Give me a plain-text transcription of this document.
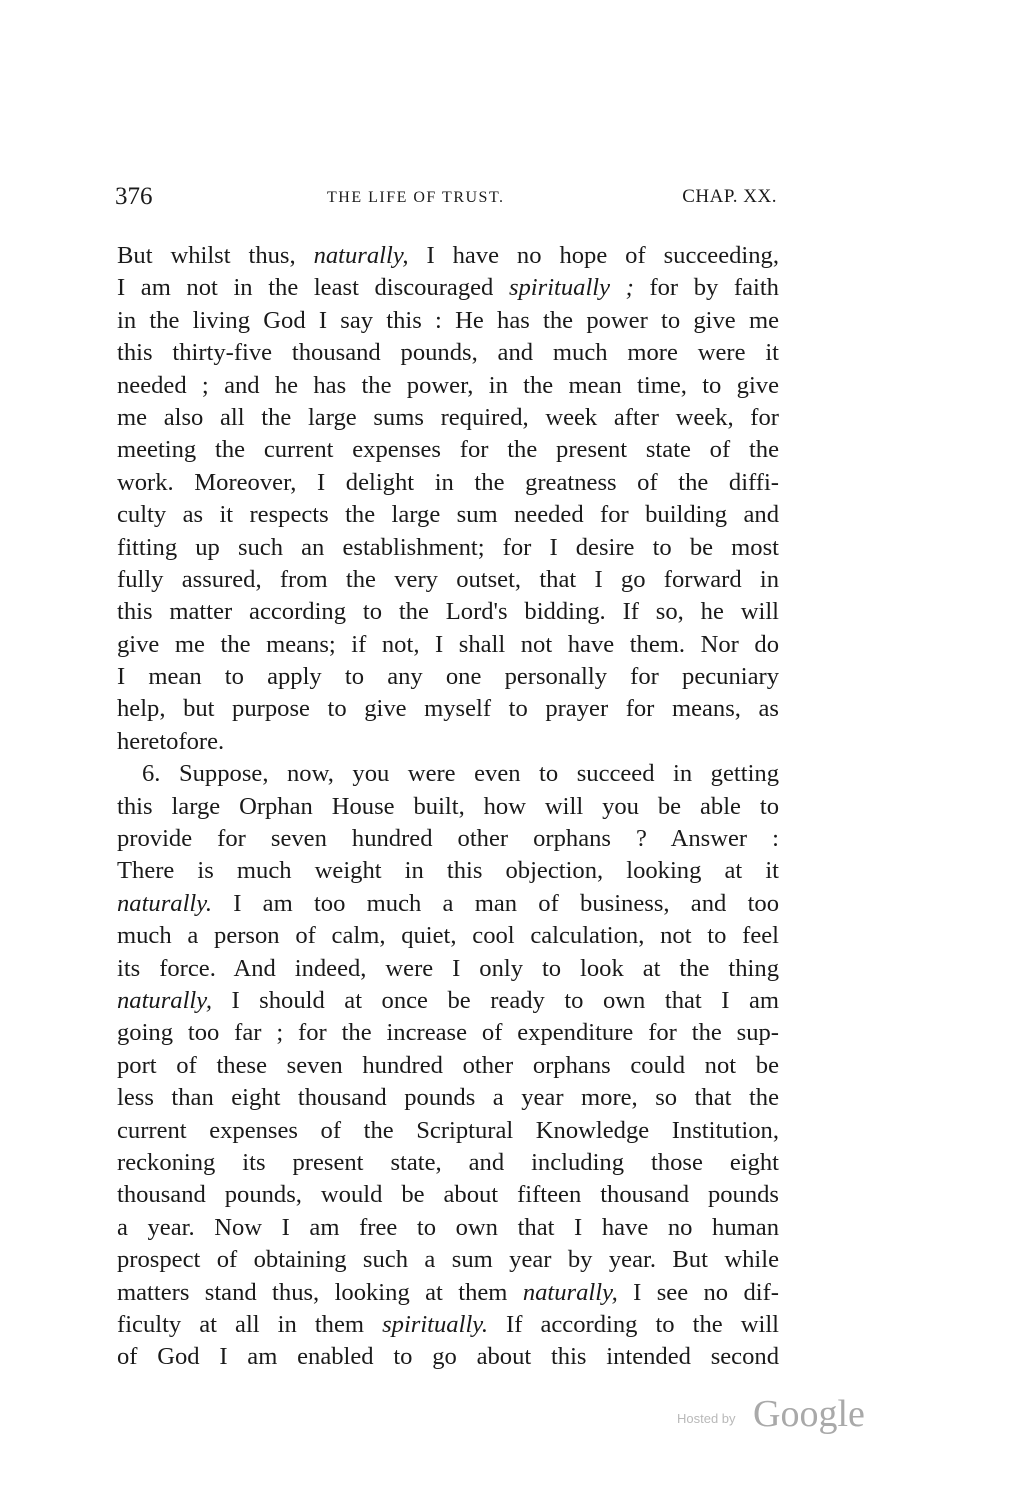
376	THE LIFE OF TRUST.	CHAP. XX.
But whilst thus, naturally, I have no hope of succeeding,
I am not in the least discouraged spiritually ; for by faith
in the living God I say this : He has the power to give me
this thirty-five thousand pounds, and much more were it
needed ; and he has the power, in the mean time, to give
me also all the large sums required, week after week, for
meeting the current expenses for the present state of the
work. Moreover, I delight in the greatness of the diffi-
culty as it respects the large sum needed for building and
fitting up such an establishment; for I desire to be most
fully assured, from the very outset, that I go forward in
this matter according to the Lord's bidding. If so, he will
give me the means; if not, I shall not have them. Nor do
I mean to apply to any one personally for pecuniary
help, but purpose to give myself to prayer for means, as
heretofore.
6. Suppose, now, you were even to succeed in getting
this large Orphan House built, how will you be able to
provide for seven hundred other orphans ? Answer :
There is much weight in this objection, looking at it
naturally. I am too much a man of business, and too
much a person of calm, quiet, cool calculation, not to feel
its force. And indeed, were I only to look at the thing
naturally, I should at once be ready to own that I am
going too far ; for the increase of expenditure for the sup-
port of these seven hundred other orphans could not be
less than eight thousand pounds a year more, so that the
current expenses of the Scriptural Knowledge Institution,
reckoning its present state, and including those eight
thousand pounds, would be about fifteen thousand pounds
a year. Now I am free to own that I have no human
prospect of obtaining such a sum year by year. But while
matters stand thus, looking at them naturally, I see no dif-
ficulty at all in them spiritually. If according to the will
of God I am enabled to go about this intended second
Hosted by Google
